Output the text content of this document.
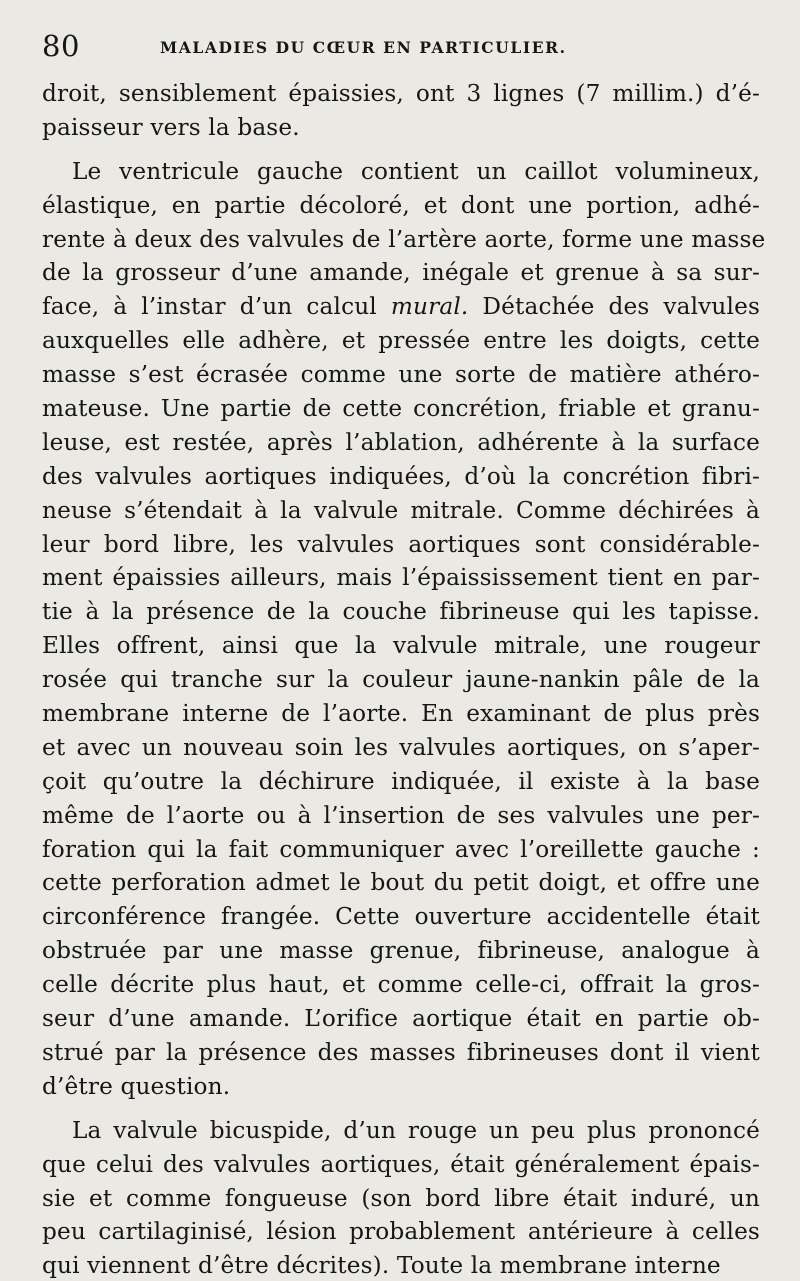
80	MALADIES DU CŒUR EN PARTICULIER.
droit, sensiblement épaissies, ont 3 lignes (7 millim.) d’é-
paisseur vers la base.
Le ventricule gauche contient un caillot volumineux,
élastique, en partie décoloré, et dont une portion, adhé-
rente à deux des valvules de l’artère aorte, forme une masse
de la grosseur d’une amande, inégale et grenue à sa sur-
face, à l’instar d’un calcul mural. Détachée des valvules
auxquelles elle adhère, et pressée entre les doigts, cette
masse s’est écrasée comme une sorte de matière athéro-
mateuse. Une partie de cette concrétion, friable et granu-
leuse, est restée, après l’ablation, adhérente à la surface
des valvules aortiques indiquées, d’où la concrétion fibri-
neuse s’étendait à la valvule mitrale. Comme déchirées à
leur bord libre, les valvules aortiques sont considérable-
ment épaissies ailleurs, mais l’épaississement tient en par-
tie à la présence de la couche fibrineuse qui les tapisse.
Elles offrent, ainsi que la valvule mitrale, une rougeur
rosée qui tranche sur la couleur jaune-nankin pâle de la
membrane interne de l’aorte. En examinant de plus près
et avec un nouveau soin les valvules aortiques, on s’aper-
çoit qu’outre la déchirure indiquée, il existe à la base
même de l’aorte ou à l’insertion de ses valvules une per-
foration qui la fait communiquer avec l’oreillette gauche :
cette perforation admet le bout du petit doigt, et offre une
circonférence frangée. Cette ouverture accidentelle était
obstruée par une masse grenue, fibrineuse, analogue à
celle décrite plus haut, et comme celle-ci, offrait la gros-
seur d’une amande. L’orifice aortique était en partie ob-
strué par la présence des masses fibrineuses dont il vient
d’être question.
La valvule bicuspide, d’un rouge un peu plus prononcé
que celui des valvules aortiques, était généralement épais-
sie et comme fongueuse (son bord libre était induré, un
peu cartilaginisé, lésion probablement antérieure à celles
qui viennent d’être décrites). Toute la membrane interne
